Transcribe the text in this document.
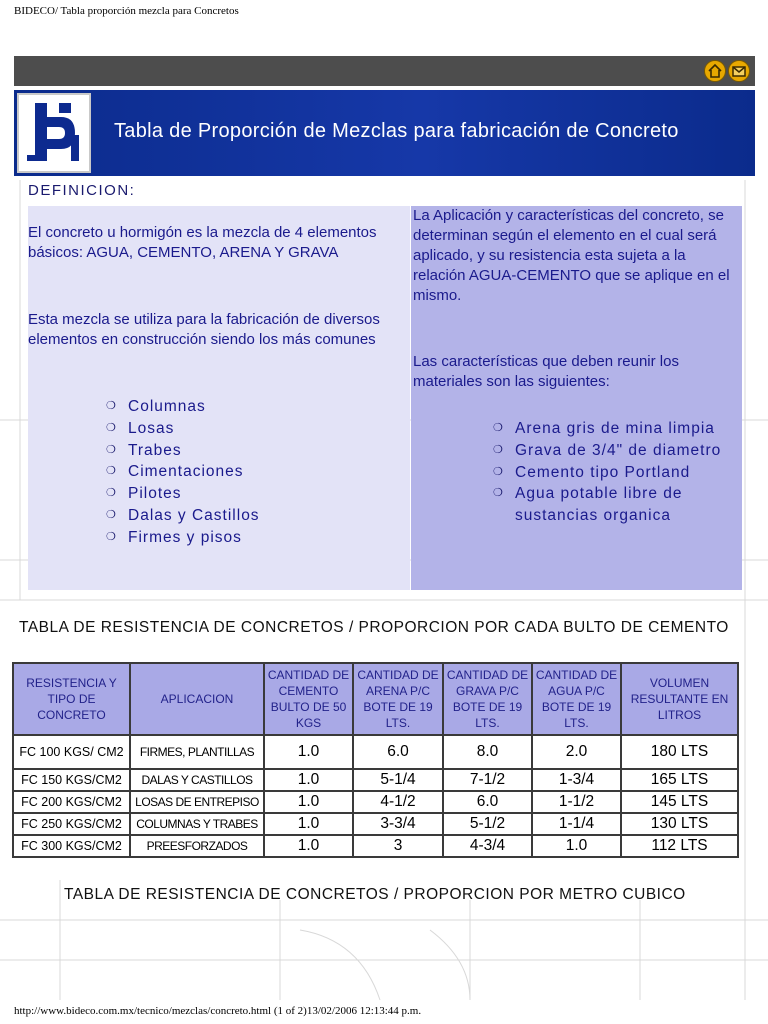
BIDECO/ Tabla proporción mezcla para Concretos
Tabla de Proporción de Mezclas para fabricación de Concreto
DEFINICION:
El concreto u hormigón es la mezcla de 4 elementos básicos: AGUA, CEMENTO, ARENA Y GRAVA
Esta mezcla se utiliza para la fabricación de diversos elementos en construcción siendo los más comunes
❍ Columnas
❍ Losas
❍ Trabes
❍ Cimentaciones
❍ Pilotes
❍ Dalas y Castillos
❍ Firmes y pisos
La Aplicación y características del concreto, se determinan según el elemento en el cual será aplicado, y su resistencia esta sujeta a la relación AGUA-CEMENTO que se aplique en el mismo.
Las características que deben reunir los materiales son las siguientes:
❍ Arena gris de mina limpia
❍ Grava de 3/4" de diametro
❍ Cemento tipo Portland
❍ Agua potable libre de sustancias organica
TABLA DE RESISTENCIA DE CONCRETOS / PROPORCION POR CADA BULTO DE CEMENTO
RESISTENCIA Y TIPO DE CONCRETO	APLICACION	CANTIDAD DE CEMENTO BULTO DE 50 KGS	CANTIDAD DE ARENA P/C BOTE DE 19 LTS.	CANTIDAD DE GRAVA P/C BOTE DE 19 LTS.	CANTIDAD DE AGUA P/C BOTE DE 19 LTS.	VOLUMEN RESULTANTE EN LITROS
FC 100 KGS/ CM2	FIRMES, PLANTILLAS	1.0	6.0	8.0	2.0	180 LTS
FC 150 KGS/CM2	DALAS Y CASTILLOS	1.0	5-1/4	7-1/2	1-3/4	165 LTS
FC 200 KGS/CM2	LOSAS DE ENTREPISO	1.0	4-1/2	6.0	1-1/2	145 LTS
FC 250 KGS/CM2	COLUMNAS Y TRABES	1.0	3-3/4	5-1/2	1-1/4	130 LTS
FC 300 KGS/CM2	PREESFORZADOS	1.0	3	4-3/4	1.0	112 LTS
TABLA DE RESISTENCIA DE CONCRETOS / PROPORCION POR METRO CUBICO
http://www.bideco.com.mx/tecnico/mezclas/concreto.html (1 of 2)13/02/2006 12:13:44 p.m.
